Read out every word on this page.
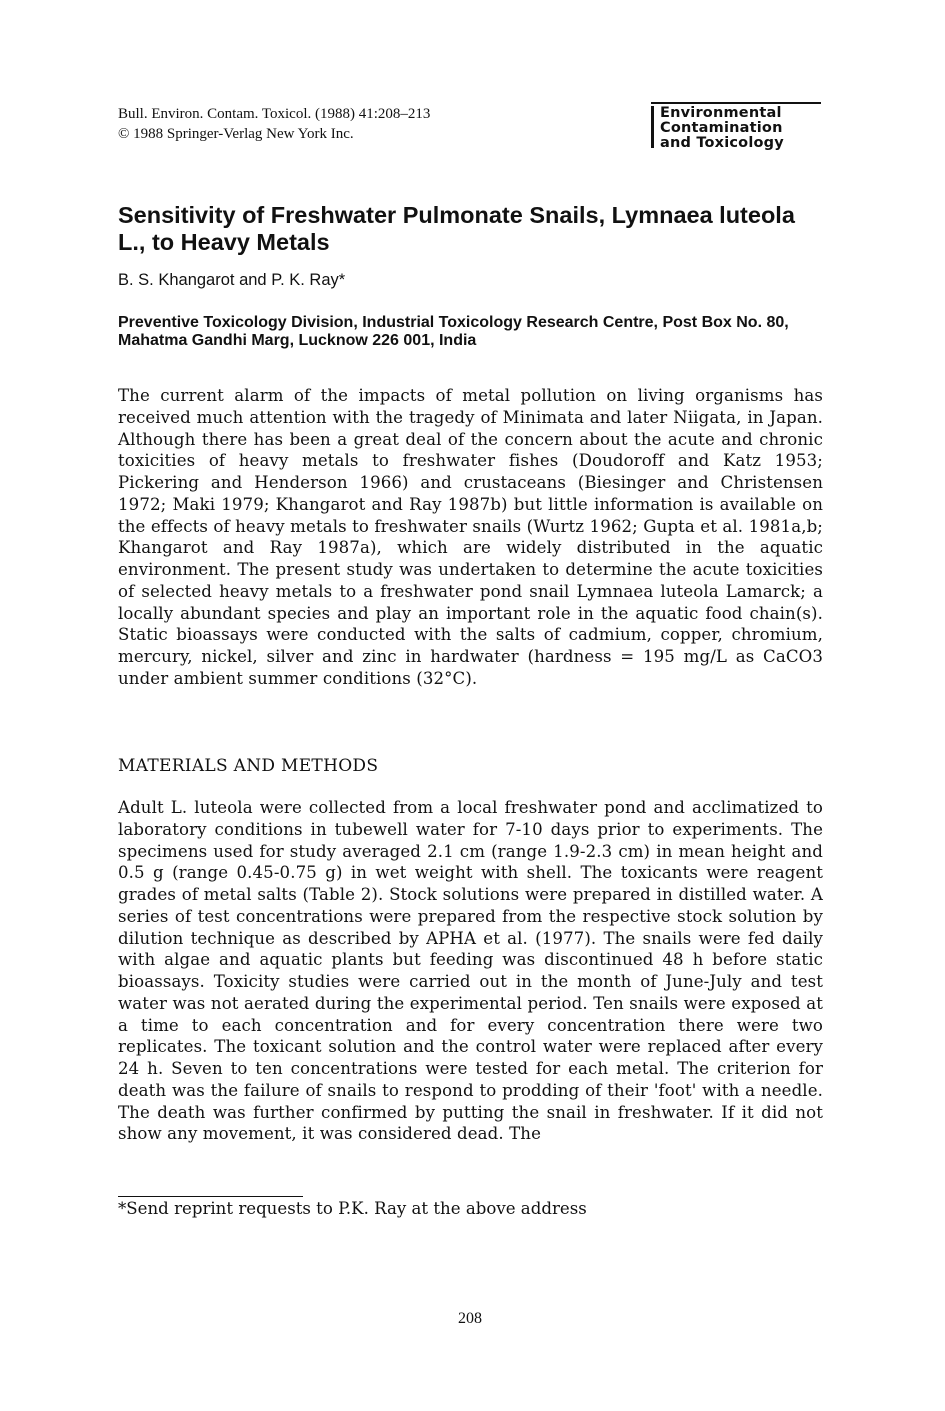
Bull. Environ. Contam. Toxicol. (1988) 41:208–213
© 1988 Springer-Verlag New York Inc.
Environmental
Contamination
and Toxicology
Sensitivity of Freshwater Pulmonate Snails, Lymnaea luteola L., to Heavy Metals
B. S. Khangarot and P. K. Ray*
Preventive Toxicology Division, Industrial Toxicology Research Centre, Post Box No. 80, Mahatma Gandhi Marg, Lucknow 226 001, India
The current alarm of the impacts of metal pollution on living organisms has received much attention with the tragedy of Minimata and later Niigata, in Japan. Although there has been a great deal of the concern about the acute and chronic toxicities of heavy metals to freshwater fishes (Doudoroff and Katz 1953; Pickering and Henderson 1966) and crustaceans (Biesinger and Christensen 1972; Maki 1979; Khangarot and Ray 1987b) but little information is available on the effects of heavy metals to freshwater snails (Wurtz 1962; Gupta et al. 1981a,b; Khangarot and Ray 1987a), which are widely distributed in the aquatic environment. The present study was undertaken to determine the acute toxicities of selected heavy metals to a freshwater pond snail Lymnaea luteola Lamarck; a locally abundant species and play an important role in the aquatic food chain(s). Static bioassays were conducted with the salts of cadmium, copper, chromium, mercury, nickel, silver and zinc in hardwater (hardness = 195 mg/L as CaCO3 under ambient summer conditions (32°C).
MATERIALS AND METHODS
Adult L. luteola were collected from a local freshwater pond and acclimatized to laboratory conditions in tubewell water for 7-10 days prior to experiments. The specimens used for study averaged 2.1 cm (range 1.9-2.3 cm) in mean height and 0.5 g (range 0.45-0.75 g) in wet weight with shell. The toxicants were reagent grades of metal salts (Table 2). Stock solutions were prepared in distilled water. A series of test concentrations were prepared from the respective stock solution by dilution technique as described by APHA et al. (1977). The snails were fed daily with algae and aquatic plants but feeding was discontinued 48 h before static bioassays. Toxicity studies were carried out in the month of June-July and test water was not aerated during the experimental period. Ten snails were exposed at a time to each concentration and for every concentration there were two replicates. The toxicant solution and the control water were replaced after every 24 h. Seven to ten concentrations were tested for each metal. The criterion for death was the failure of snails to respond to prodding of their 'foot' with a needle. The death was further confirmed by putting the snail in freshwater. If it did not show any movement, it was considered dead. The
*Send reprint requests to P.K. Ray at the above address
208
